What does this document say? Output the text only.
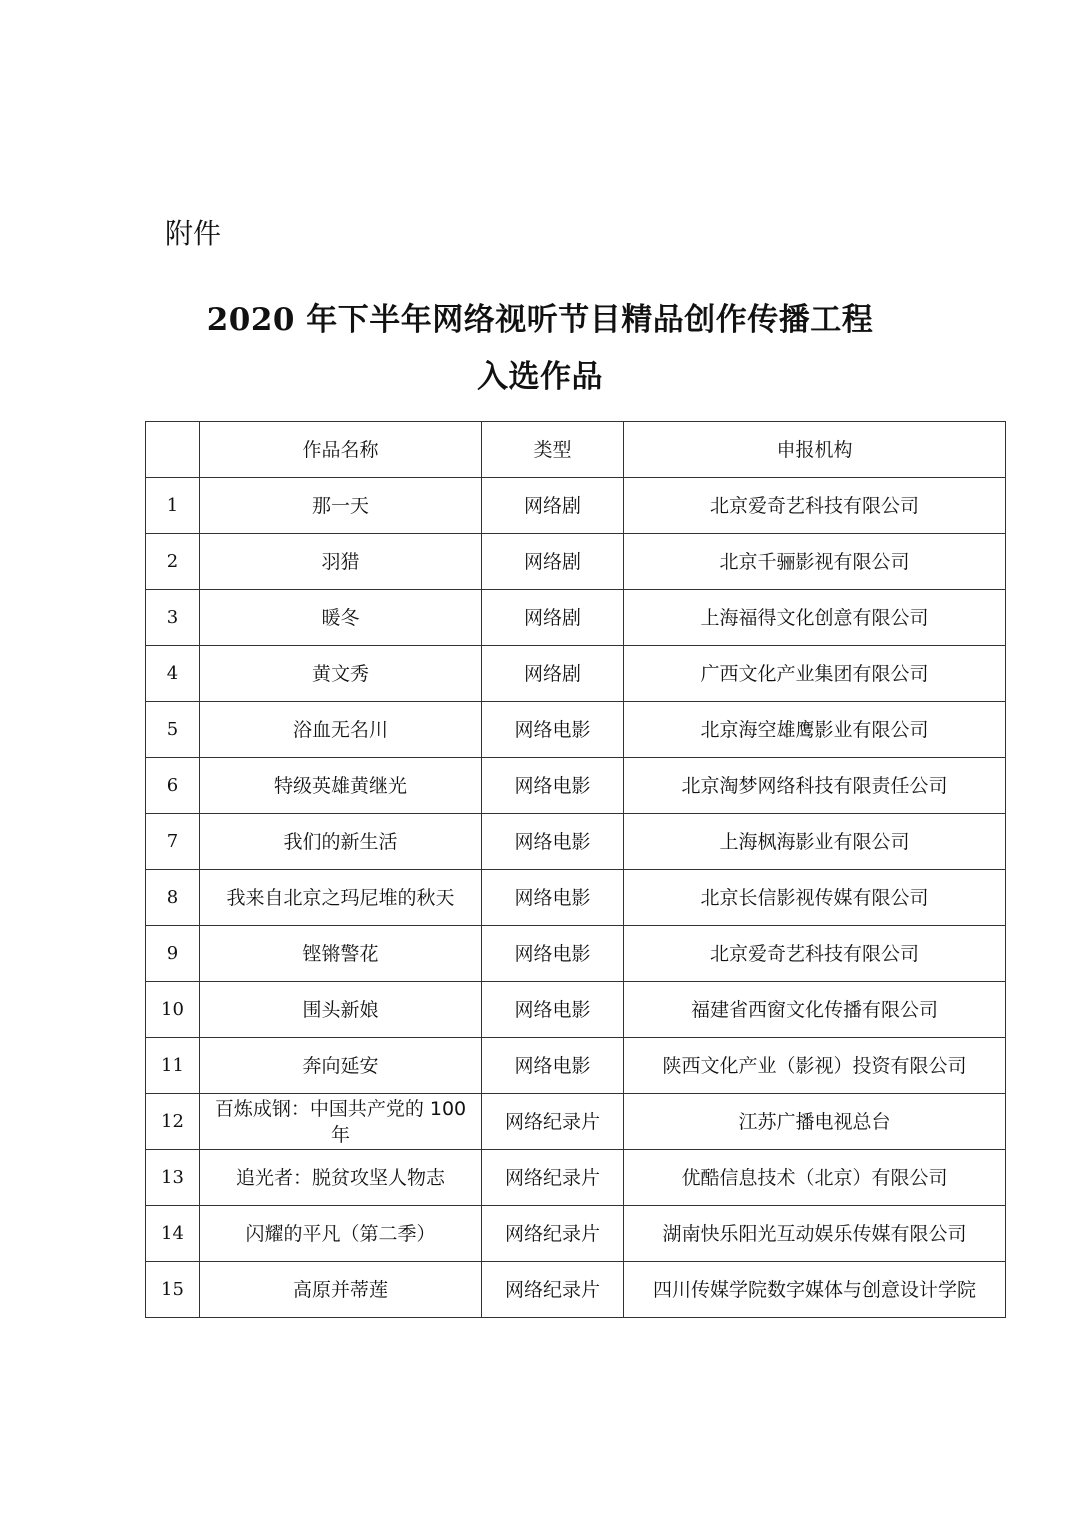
附件
2020 年下半年网络视听节目精品创作传播工程
入选作品
	作品名称	类型	申报机构
1	那一天	网络剧	北京爱奇艺科技有限公司
2	羽猎	网络剧	北京千骊影视有限公司
3	暖冬	网络剧	上海福得文化创意有限公司
4	黄文秀	网络剧	广西文化产业集团有限公司
5	浴血无名川	网络电影	北京海空雄鹰影业有限公司
6	特级英雄黄继光	网络电影	北京淘梦网络科技有限责任公司
7	我们的新生活	网络电影	上海枫海影业有限公司
8	我来自北京之玛尼堆的秋天	网络电影	北京长信影视传媒有限公司
9	铿锵警花	网络电影	北京爱奇艺科技有限公司
10	围头新娘	网络电影	福建省西窗文化传播有限公司
11	奔向延安	网络电影	陕西文化产业（影视）投资有限公司
12	百炼成钢：中国共产党的 100 年	网络纪录片	江苏广播电视总台
13	追光者：脱贫攻坚人物志	网络纪录片	优酷信息技术（北京）有限公司
14	闪耀的平凡（第二季）	网络纪录片	湖南快乐阳光互动娱乐传媒有限公司
15	高原并蒂莲	网络纪录片	四川传媒学院数字媒体与创意设计学院
